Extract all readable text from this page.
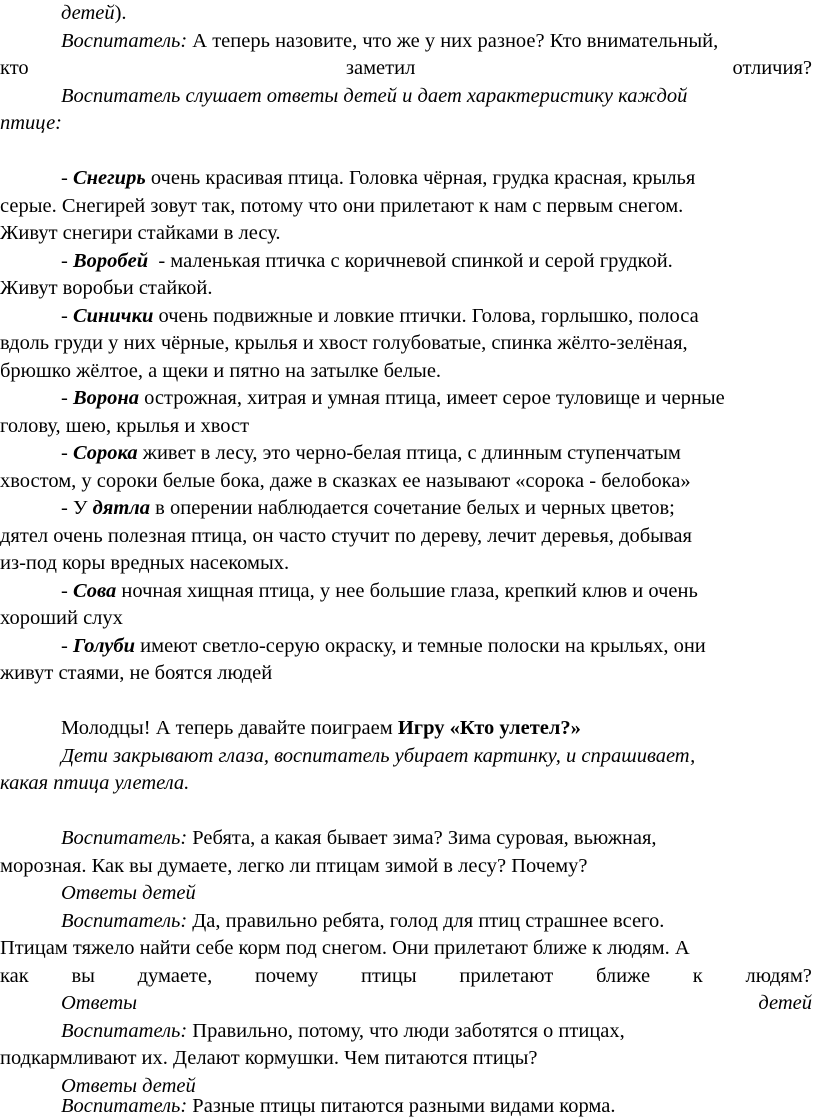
детей).
Воспитатель: А теперь назовите, что же у них разное? Кто внимательный,
кто	заметил	отличия?
Воспитатель слушает ответы детей и дает характеристику каждой
птице:
- Снегирь очень красивая птица. Головка чёрная, грудка красная, крылья
серые. Снегирей зовут так, потому что они прилетают к нам с первым снегом.
Живут снегири стайками в лесу.
- Воробей  - маленькая птичка с коричневой спинкой и серой грудкой.
Живут воробьи стайкой.
- Синички очень подвижные и ловкие птички. Голова, горлышко, полоса
вдоль груди у них чёрные, крылья и хвост голубоватые, спинка жёлто-зелёная,
брюшко жёлтое, а щеки и пятно на затылке белые.
- Ворона острожная, хитрая и умная птица, имеет серое туловище и черные
голову, шею, крылья и хвост
- Сорока живет в лесу, это черно-белая птица, с длинным ступенчатым
хвостом, у сороки белые бока, даже в сказках ее называют «сорока - белобока»
- У дятла в оперении наблюдается сочетание белых и черных цветов;
дятел очень полезная птица, он часто стучит по дереву, лечит деревья, добывая
из-под коры вредных насекомых.
- Сова ночная хищная птица, у нее большие глаза, крепкий клюв и очень
хороший слух
- Голуби имеют светло-серую окраску, и темные полоски на крыльях, они
живут стаями, не боятся людей
Молодцы! А теперь давайте поиграем Игру «Кто улетел?»
Дети закрывают глаза, воспитатель убирает картинку, и спрашивает,
какая птица улетела.
Воспитатель: Ребята, а какая бывает зима? Зима суровая, вьюжная,
морозная. Как вы думаете, легко ли птицам зимой в лесу? Почему?
Ответы детей
Воспитатель: Да, правильно ребята, голод для птиц страшнее всего.
Птицам тяжело найти себе корм под снегом. Они прилетают ближе к людям. А
как вы думаете, почему птицы прилетают ближе к людям?
Ответы	детей
Воспитатель: Правильно, потому, что люди заботятся о птицах,
подкармливают их. Делают кормушки. Чем питаются птицы?
Ответы детей
Воспитатель: Разные птицы питаются разными видами корма.
